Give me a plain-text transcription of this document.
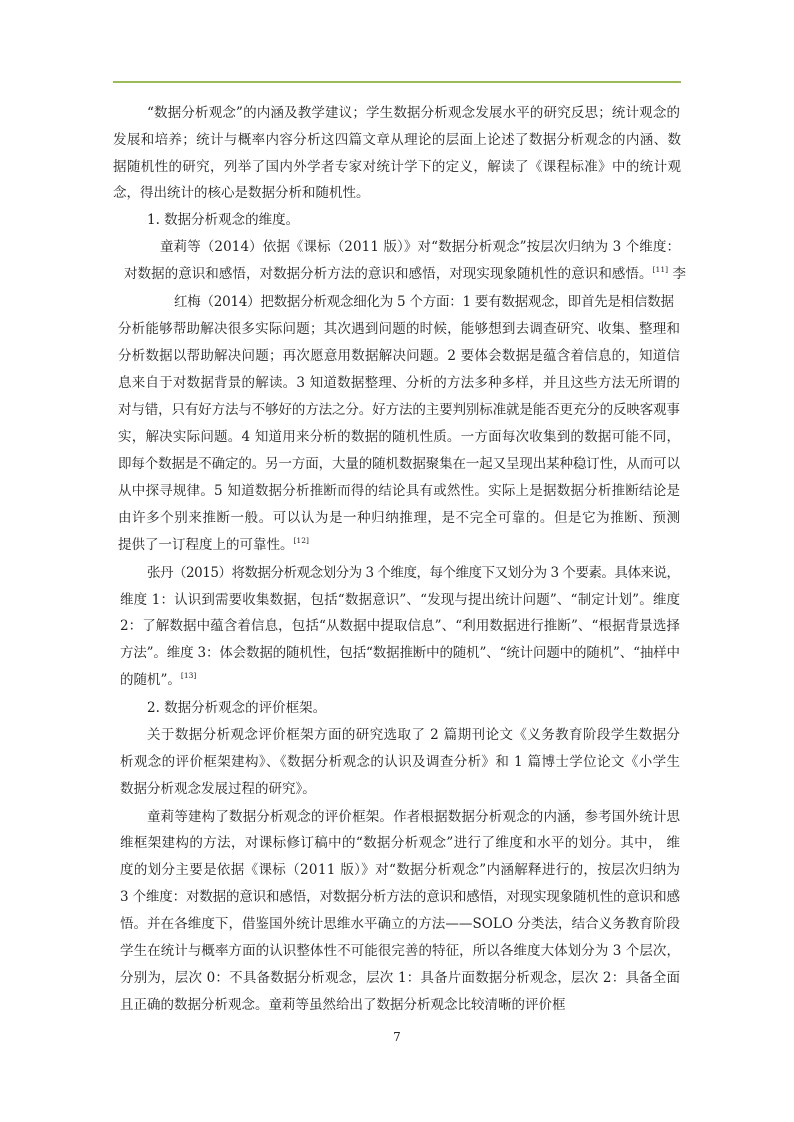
“数据分析观念”的内涵及教学建议；学生数据分析观念发展水平的研究反思；统计观念的
发展和培养；统计与概率内容分析这四篇文章从理论的层面上论述了数据分析观念的内涵、数
据随机性的研究，列举了国内外学者专家对统计学下的定义，解读了《课程标准》中的统计观
念，得出统计的核心是数据分析和随机性。
1. 数据分析观念的维度。
童莉等（2014）依据《课标（2011 版）》对“数据分析观念”按层次归纳为 3 个维度：
对数据的意识和感悟，对数据分析方法的意识和感悟，对现实现象随机性的意识和感悟。[11] 李
红梅（2014）把数据分析观念细化为 5 个方面：1 要有数据观念，即首先是相信数据
分析能够帮助解决很多实际问题；其次遇到问题的时候，能够想到去调查研究、收集、整理和
分析数据以帮助解决问题；再次愿意用数据解决问题。2 要体会数据是蕴含着信息的，知道信
息来自于对数据背景的解读。3 知道数据整理、分析的方法多种多样，并且这些方法无所谓的
对与错，只有好方法与不够好的方法之分。好方法的主要判别标准就是能否更充分的反映客观事
实，解决实际问题。4 知道用来分析的数据的随机性质。一方面每次收集到的数据可能不同，
即每个数据是不确定的。另一方面，大量的随机数据聚集在一起又呈现出某种稳订性，从而可以
从中探寻规律。5 知道数据分析推断而得的结论具有或然性。实际上是据数据分析推断结论是
由许多个别来推断一般。可以认为是一种归纳推理，是不完全可靠的。但是它为推断、预测
提供了一订程度上的可靠性。[12]
张丹（2015）将数据分析观念划分为 3 个维度，每个维度下又划分为 3 个要素。具体来说，
维度 1：认识到需要收集数据，包括“数据意识”、“发现与提出统计问题”、“制定计划”。维度
2：了解数据中蕴含着信息，包括“从数据中提取信息”、“利用数据进行推断”、“根据背景选择
方法”。维度 3：体会数据的随机性，包括“数据推断中的随机”、“统计问题中的随机”、“抽样中
的随机”。[13]
2. 数据分析观念的评价框架。
关于数据分析观念评价框架方面的研究选取了 2 篇期刊论文《义务教育阶段学生数据分
析观念的评价框架建构》、《数据分析观念的认识及调查分析》和 1 篇博士学位论文《小学生
数据分析观念发展过程的研究》。
童莉等建构了数据分析观念的评价框架。作者根据数据分析观念的内涵，参考国外统计思
维框架建构的方法，对课标修订稿中的“数据分析观念”进行了维度和水平的划分。其中， 维
度的划分主要是依据《课标（2011 版）》对“数据分析观念”内涵解释进行的，按层次归纳为
3 个维度：对数据的意识和感悟，对数据分析方法的意识和感悟，对现实现象随机性的意识和感
悟。并在各维度下，借鉴国外统计思维水平确立的方法——SOLO 分类法，结合义务教育阶段
学生在统计与概率方面的认识整体性不可能很完善的特征，所以各维度大体划分为 3 个层次，
分别为，层次 0：不具备数据分析观念，层次 1：具备片面数据分析观念，层次 2：具备全面
且正确的数据分析观念。童莉等虽然给出了数据分析观念比较清晰的评价框
7
